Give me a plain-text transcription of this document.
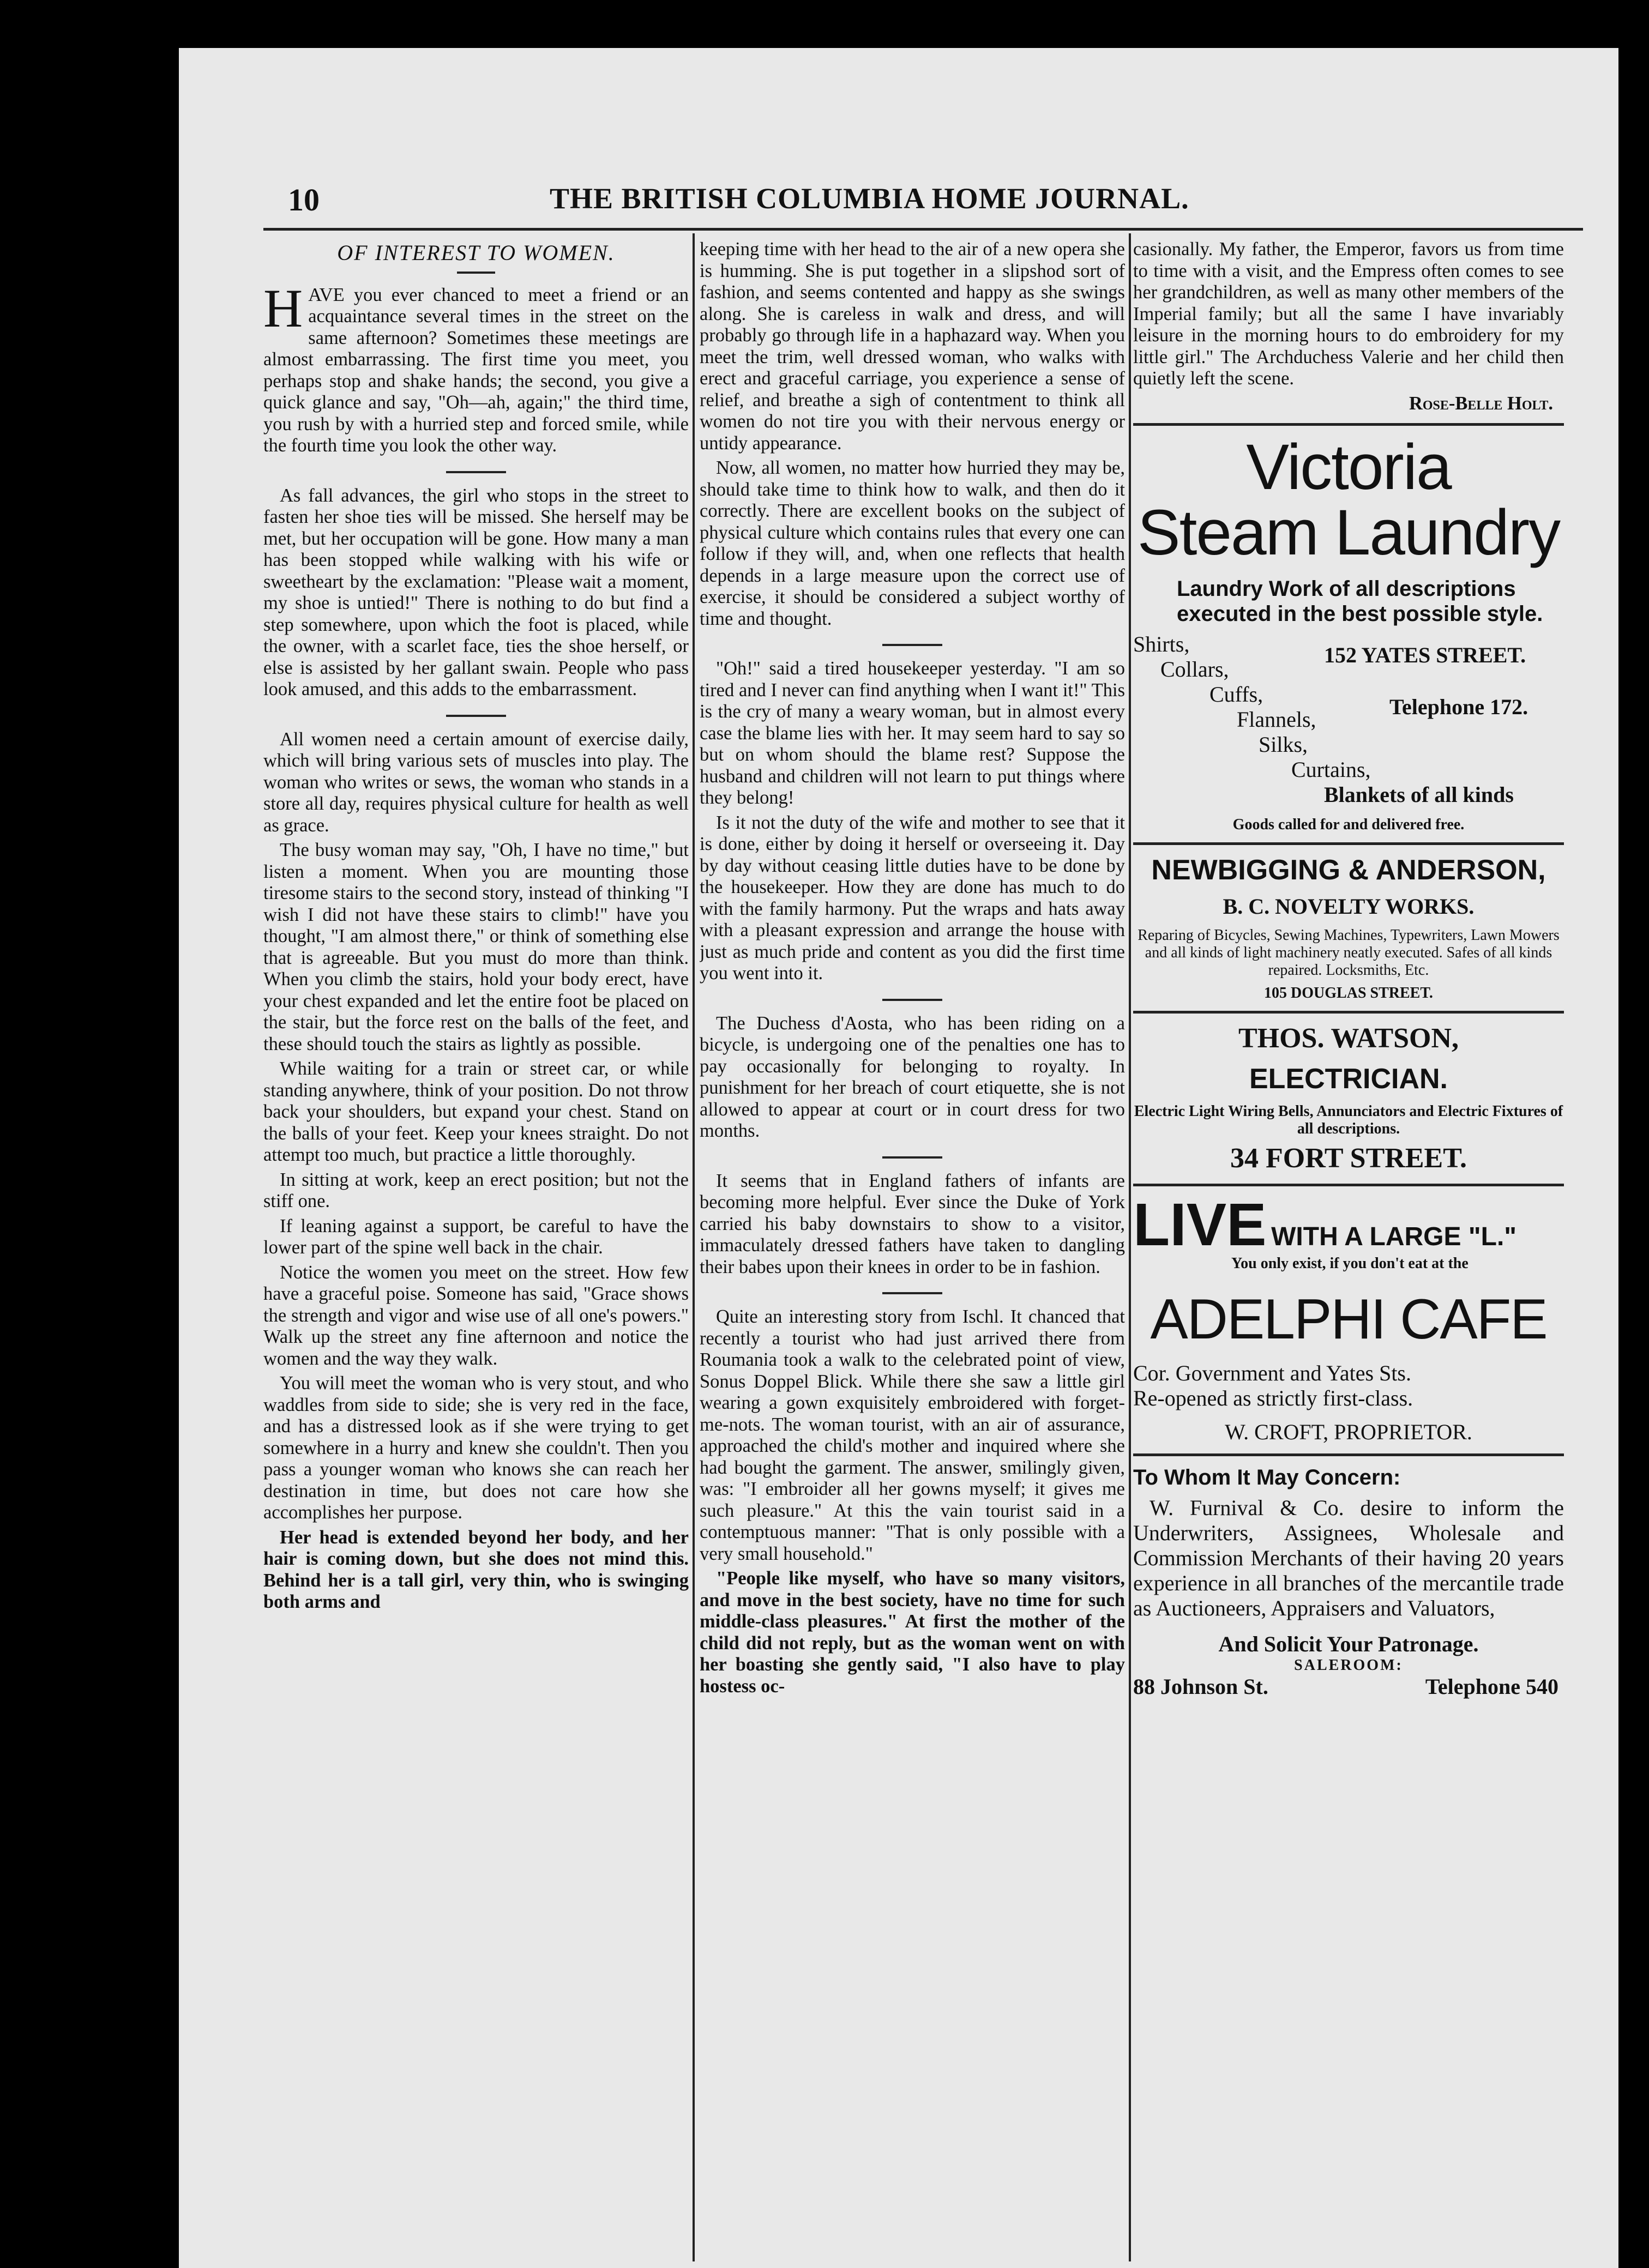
10	THE BRITISH COLUMBIA HOME JOURNAL.
OF INTEREST TO WOMEN.

HAVE you ever chanced to meet a friend or an acquaintance several times in the street on the same afternoon? Sometimes these meetings are almost embarrassing. The first time you meet, you perhaps stop and shake hands; the second, you give a quick glance and say, "Oh—ah, again;" the third time, you rush by with a hurried step and forced smile, while the fourth time you look the other way.

As fall advances, the girl who stops in the street to fasten her shoe ties will be missed. She herself may be met, but her occupation will be gone. How many a man has been stopped while walking with his wife or sweetheart by the exclamation: "Please wait a moment, my shoe is untied!" There is nothing to do but find a step somewhere, upon which the foot is placed, while the owner, with a scarlet face, ties the shoe herself, or else is assisted by her gallant swain. People who pass look amused, and this adds to the embarrassment.

All women need a certain amount of exercise daily, which will bring various sets of muscles into play. The woman who writes or sews, the woman who stands in a store all day, requires physical culture for health as well as grace.

The busy woman may say, "Oh, I have no time," but listen a moment. When you are mounting those tiresome stairs to the second story, instead of thinking "I wish I did not have these stairs to climb!" have you thought, "I am almost there," or think of something else that is agreeable. But you must do more than think. When you climb the stairs, hold your body erect, have your chest expanded and let the entire foot be placed on the stair, but the force rest on the balls of the feet, and these should touch the stairs as lightly as possible.

While waiting for a train or street car, or while standing anywhere, think of your position. Do not throw back your shoulders, but expand your chest. Stand on the balls of your feet. Keep your knees straight. Do not attempt too much, but practice a little thoroughly.

In sitting at work, keep an erect position; but not the stiff one.

If leaning against a support, be careful to have the lower part of the spine well back in the chair.

Notice the women you meet on the street. How few have a graceful poise. Someone has said, "Grace shows the strength and vigor and wise use of all one's powers." Walk up the street any fine afternoon and notice the women and the way they walk.

You will meet the woman who is very stout, and who waddles from side to side; she is very red in the face, and has a distressed look as if she were trying to get somewhere in a hurry and knew she couldn't. Then you pass a younger woman who knows she can reach her destination in time, but does not care how she accomplishes her purpose.

Her head is extended beyond her body, and her hair is coming down, but she does not mind this. Behind her is a tall girl, very thin, who is swinging both arms and

keeping time with her head to the air of a new opera she is humming. She is put together in a slipshod sort of fashion, and seems contented and happy as she swings along. She is careless in walk and dress, and will probably go through life in a haphazard way. When you meet the trim, well dressed woman, who walks with erect and graceful carriage, you experience a sense of relief, and breathe a sigh of contentment to think all women do not tire you with their nervous energy or untidy appearance.

Now, all women, no matter how hurried they may be, should take time to think how to walk, and then do it correctly. There are excellent books on the subject of physical culture which contains rules that every one can follow if they will, and, when one reflects that health depends in a large measure upon the correct use of exercise, it should be considered a subject worthy of time and thought.

"Oh!" said a tired housekeeper yesterday. "I am so tired and I never can find anything when I want it!" This is the cry of many a weary woman, but in almost every case the blame lies with her. It may seem hard to say so but on whom should the blame rest? Suppose the husband and children will not learn to put things where they belong!

Is it not the duty of the wife and mother to see that it is done, either by doing it herself or overseeing it. Day by day without ceasing little duties have to be done by the housekeeper. How they are done has much to do with the family harmony. Put the wraps and hats away with a pleasant expression and arrange the house with just as much pride and content as you did the first time you went into it.

The Duchess d'Aosta, who has been riding on a bicycle, is undergoing one of the penalties one has to pay occasionally for belonging to royalty. In punishment for her breach of court etiquette, she is not allowed to appear at court or in court dress for two months.

It seems that in England fathers of infants are becoming more helpful. Ever since the Duke of York carried his baby downstairs to show to a visitor, immaculately dressed fathers have taken to dangling their babes upon their knees in order to be in fashion.

Quite an interesting story from Ischl. It chanced that recently a tourist who had just arrived there from Roumania took a walk to the celebrated point of view, Sonus Doppel Blick. While there she saw a little girl wearing a gown exquisitely embroidered with forget-me-nots. The woman tourist, with an air of assurance, approached the child's mother and inquired where she had bought the garment. The answer, smilingly given, was: "I embroider all her gowns myself; it gives me such pleasure." At this the vain tourist said in a contemptuous manner: "That is only possible with a very small household."

"People like myself, who have so many visitors, and move in the best society, have no time for such middle-class pleasures." At first the mother of the child did not reply, but as the woman went on with her boasting she gently said, "I also have to play hostess oc-

casionally. My father, the Emperor, favors us from time to time with a visit, and the Empress often comes to see her grandchildren, as well as many other members of the Imperial family; but all the same I have invariably leisure in the morning hours to do embroidery for my little girl." The Archduchess Valerie and her child then quietly left the scene.

Rose-Belle Holt.
Victoria
Steam Laundry
Laundry Work of all descriptions executed in the best possible style.
Shirts,
Collars,
Cuffs,
Flannels,
Silks,
Curtains,
Blankets of all kinds
152 YATES STREET.
Telephone 172.
Goods called for and delivered free.
NEWBIGGING & ANDERSON,
B. C. NOVELTY WORKS.
Reparing of Bicycles, Sewing Machines, Typewriters, Lawn Mowers and all kinds of light machinery neatly executed. Safes of all kinds repaired. Locksmiths, Etc.
105 DOUGLAS STREET.
THOS. WATSON,
ELECTRICIAN.
Electric Light Wiring Bells, Annunciators and Electric Fixtures of all descriptions.
34 FORT STREET.
LIVE WITH A LARGE "L."
You only exist, if you don't eat at the
ADELPHI CAFE
Cor. Government and Yates Sts.
Re-opened as strictly first-class.
W. CROFT, PROPRIETOR.
To Whom It May Concern:
W. Furnival & Co. desire to inform the Underwriters, Assignees, Wholesale and Commission Merchants of their having 20 years experience in all branches of the mercantile trade as Auctioneers, Appraisers and Valuators,
And Solicit Your Patronage.
SALEROOM:
88 Johnson St.	Telephone 540
